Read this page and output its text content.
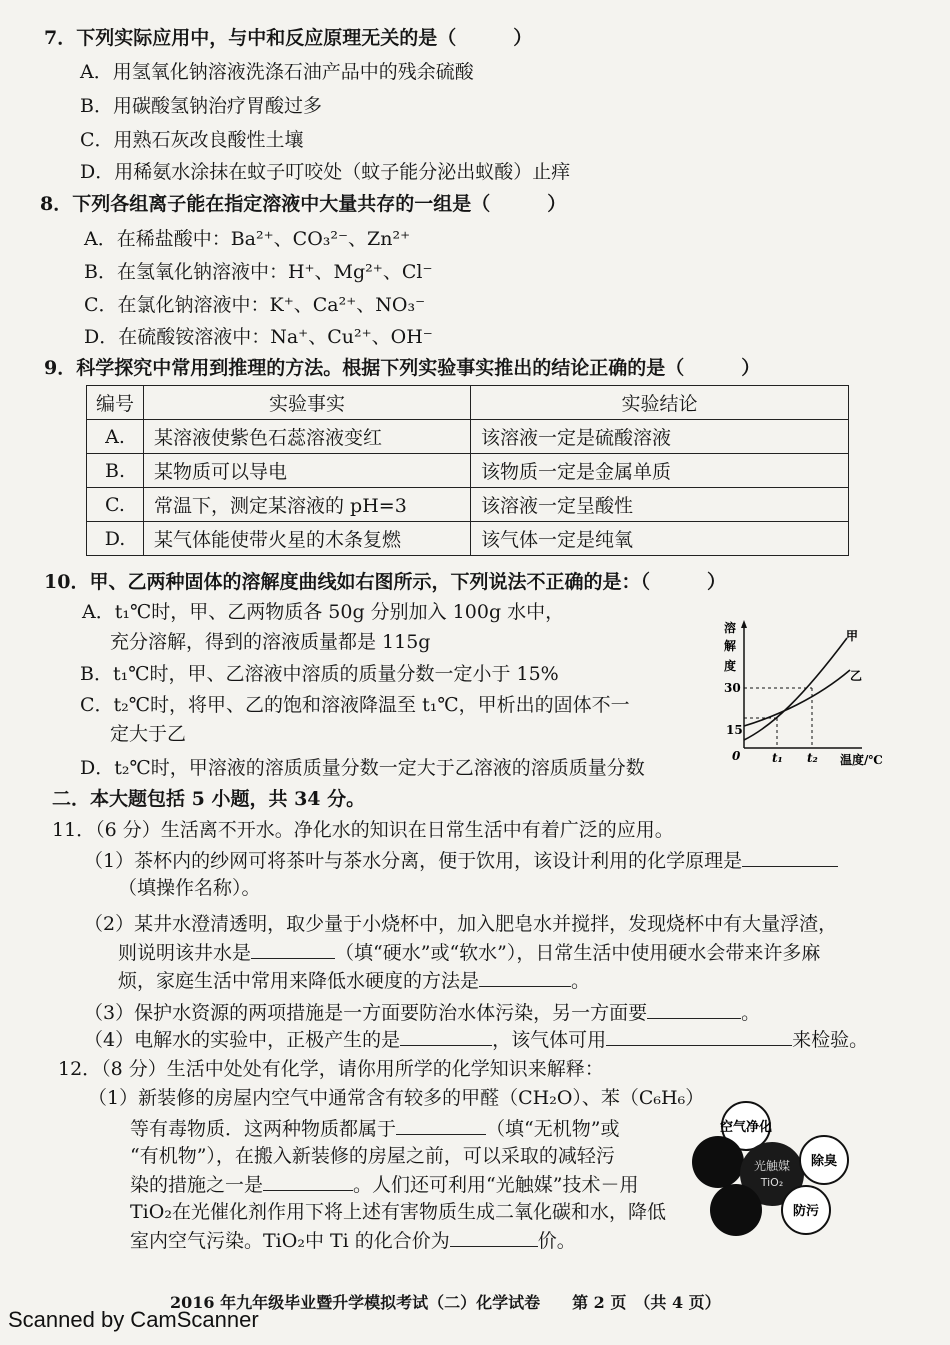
7．下列实际应用中，与中和反应原理无关的是（　　　）
A．用氢氧化钠溶液洗涤石油产品中的残余硫酸
B．用碳酸氢钠治疗胃酸过多
C．用熟石灰改良酸性土壤
D．用稀氨水涂抹在蚊子叮咬处（蚊子能分泌出蚁酸）止痒
8．下列各组离子能在指定溶液中大量共存的一组是（　　　）
A．在稀盐酸中：Ba²⁺、CO₃²⁻、Zn²⁺
B．在氢氧化钠溶液中：H⁺、Mg²⁺、Cl⁻
C．在氯化钠溶液中：K⁺、Ca²⁺、NO₃⁻
D．在硫酸铵溶液中：Na⁺、Cu²⁺、OH⁻
9．科学探究中常用到推理的方法。根据下列实验事实推出的结论正确的是（　　　）
编号	实验事实	实验结论
A.	某溶液使紫色石蕊溶液变红	该溶液一定是硫酸溶液
B.	某物质可以导电	该物质一定是金属单质
C.	常温下，测定某溶液的 pH=3	该溶液一定呈酸性
D.	某气体能使带火星的木条复燃	该气体一定是纯氧
10．甲、乙两种固体的溶解度曲线如右图所示，下列说法不正确的是：（　　　）
A．t₁℃时，甲、乙两物质各 50g 分别加入 100g 水中，
充分溶解，得到的溶液质量都是 115g
B．t₁℃时，甲、乙溶液中溶质的质量分数一定小于 15%
C．t₂℃时，将甲、乙的饱和溶液降温至 t₁℃，甲析出的固体不一
定大于乙
D．t₂℃时，甲溶液的溶质质量分数一定大于乙溶液的溶质质量分数
溶
解
度
30
15
0	t₁ t₂ 温度/℃
甲
乙
二．本大题包括 5 小题，共 34 分。
11．（6 分）生活离不开水。净化水的知识在日常生活中有着广泛的应用。
（1）茶杯内的纱网可将茶叶与茶水分离，便于饮用，该设计利用的化学原理是
（填操作名称）。
（2）某井水澄清透明，取少量于小烧杯中，加入肥皂水并搅拌，发现烧杯中有大量浮渣，
则说明该井水是	（填“硬水”或“软水”），日常生活中使用硬水会带来许多麻
烦，家庭生活中常用来降低水硬度的方法是	。
（3）保护水资源的两项措施是一方面要防治水体污染，另一方面要	。
（4）电解水的实验中，正极产生的是	，该气体可用	来检验。
12．（8 分）生活中处处有化学，请你用所学的化学知识来解释：
（1）新装修的房屋内空气中通常含有较多的甲醛（CH₂O）、苯（C₆H₆）
等有毒物质．这两种物质都属于	（填“无机物”或
“有机物”），在搬入新装修的房屋之前，可以采取的减轻污
染的措施之一是	。人们还可利用“光触媒”技术－用
TiO₂在光催化剂作用下将上述有害物质生成二氧化碳和水，降低
室内空气污染。TiO₂中 Ti 的化合价为	价。
空气净化
光触媒
TiO₂
除臭
防污
2016 年九年级毕业暨升学模拟考试（二）化学试卷　　第 2 页　（共 4 页）
Scanned by CamScanner
